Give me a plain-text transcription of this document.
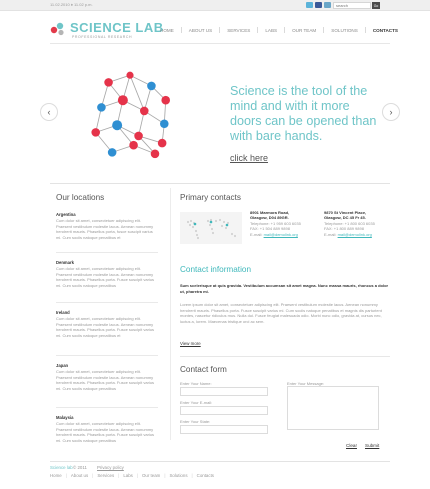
11.02.2010 ♦ 11.02 p.m.	search	Go
SCIENCE LAB
PROFESSIONAL RESEARCH
HOME	ABOUT US	SERVICES	LABS	OUR TEAM	SOLUTIONS	CONTACTS
‹	›
Science is the tool of the mind and with it more doors can be opened than with bare hands.
click here
Our locations
Argentina
Cum dolor sit amet, consectetuer adipiscing elit. Praesent vestibulum molestie lacus. Aenean nonummy hendrerit mauris. Phasellus porta, fusce suscipit varius mi. Cum sociis natoque penatibus et
Denmark
Cum dolor sit amet, consectetuer adipiscing elit. Praesent vestibulum molestie lacus. Aenean nonummy hendrerit mauris. Phasellus porta. Fusce suscipit varius mi. Cum sociis natoque penatibus
Ireland
Cum dolor sit amet, consectetuer adipiscing elit. Praesent vestibulum molestie lacus. Aenean nonummy hendrerit mauris. Phasellus porta. Fusce suscipit varius mi. Cum sociis natoque penatibus et
Japan
Cum dolor sit amet, consectetuer adipiscing elit. Praesent vestibulum molestie lacus. Aenean nonummy hendrerit mauris. Phasellus porta. Fusce suscipit varius mi. Cum sociis natoque penatibus
Malaysia
Cum dolor sit amet, consectetuer adipiscing elit. Praesent vestibulum molestie lacus. Aenean nonummy hendrerit mauris. Phasellus porta. Fusce suscipit varius mi. Cum sociis natoque penatibus
Primary contacts
8901 Marmora Road,
Glasgow, D04 89GR.
Telephone: +1 959 603 6035
FAX: +1 504 889 9898
E-mail: mail@demolink.org
9870 St Vincent Place,
Glasgow, DC 45 Fr 45.
Telephone: +1 800 603 6035
FAX: +1 800 889 9898
E-mail: mail@demolink.org
Contact information
Sum scelerisque at quis gravida. Vestibulum accumsan sit amet magna. Nunc massa mauris, rhoncus a dolor ut, pharetra mi.
Lorem ipsum dolor sit amet, consectetuer adipiscing elit. Praesent vestibulum molestie lacus. Aenean nonummy hendrerit mauris. Phasellus porta. Fusce suscipit varius mi. Cum sociis natoque penatibus et magnis dis parturient montes, nascetur ridiculus mus. Nulla dui. Fusce feugiat malesuada odio. Morbi nunc odio, gravida at, cursus nec, luctus a, lorem. Maecenas tristique orci ac sem.
View more
Contact form
Enter Your Name:
Enter Your E-mail:
Enter Your State:
Enter Your Message:
Clear Submit
Science lab © 2011 Privacy policy
Home | About us | Services | Labs | Our team | Solutions | Contacts
